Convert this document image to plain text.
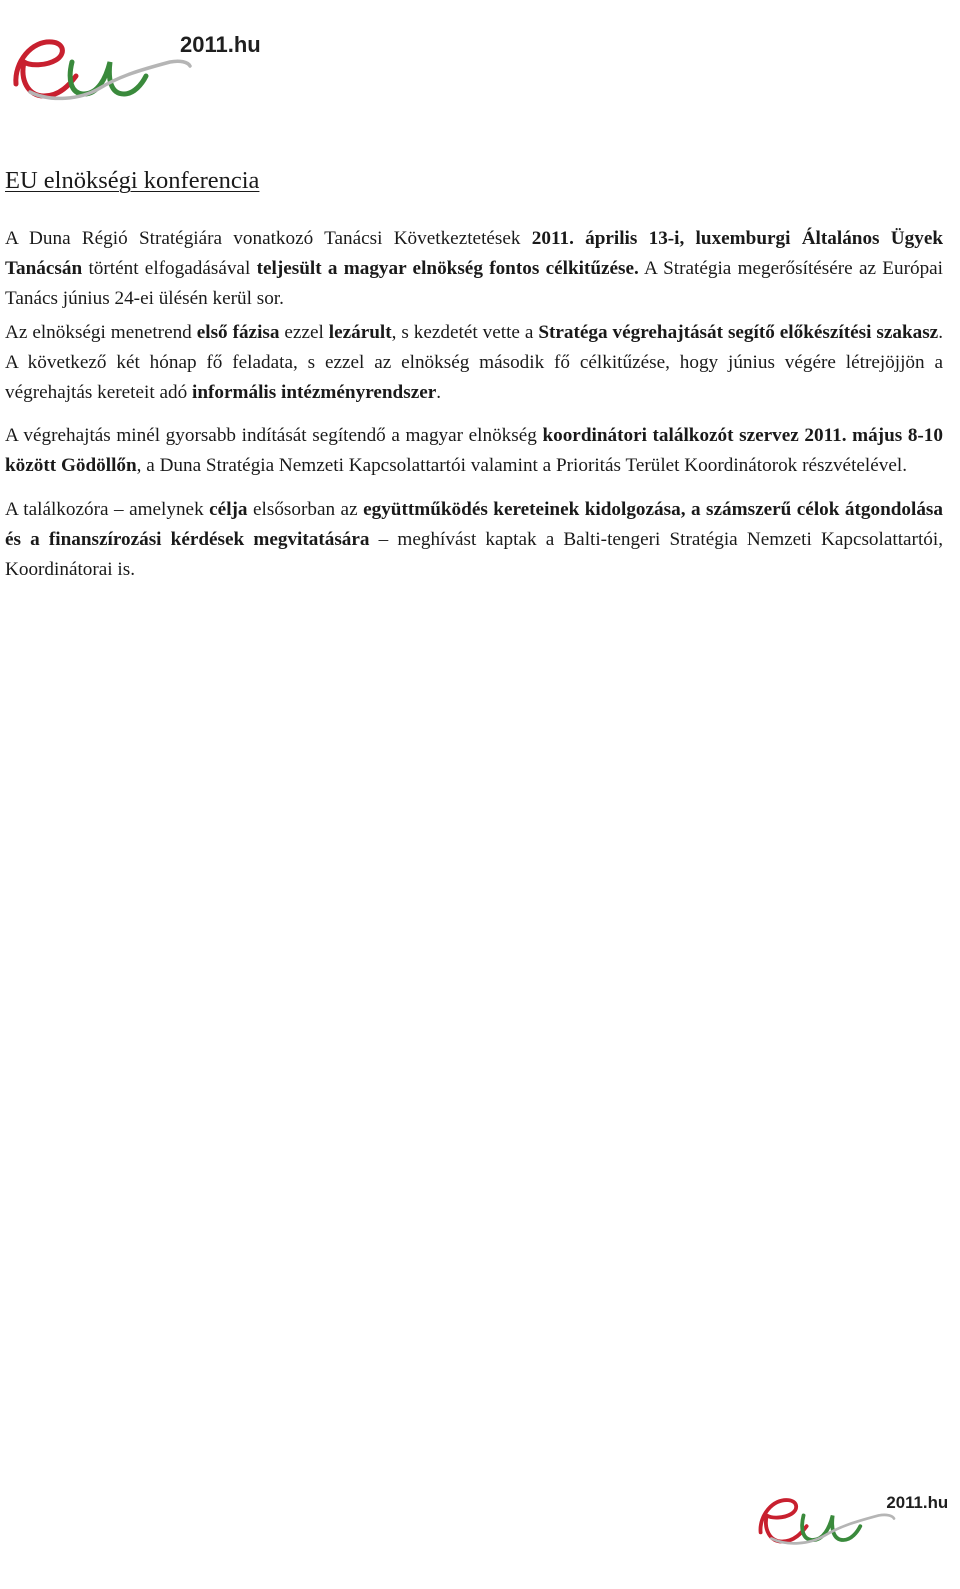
2011.hu
EU elnökségi konferencia

A Duna Régió Stratégiára vonatkozó Tanácsi Következtetések 2011. április 13-i, luxemburgi Általános Ügyek Tanácsán történt elfogadásával teljesült a magyar elnökség fontos célkitűzése. A Stratégia megerősítésére az Európai Tanács június 24-ei ülésén kerül sor.

Az elnökségi menetrend első fázisa ezzel lezárult, s kezdetét vette a Stratéga végrehajtását segítő előkészítési szakasz. A következő két hónap fő feladata, s ezzel az elnökség második fő célkitűzése, hogy június végére létrejöjjön a végrehajtás kereteit adó informális intézményrendszer.

A végrehajtás minél gyorsabb indítását segítendő a magyar elnökség koordinátori találkozót szervez 2011. május 8-10 között Gödöllőn, a Duna Stratégia Nemzeti Kapcsolattartói valamint a Prioritás Terület Koordinátorok részvételével.

A találkozóra – amelynek célja elsősorban az együttműködés kereteinek kidolgozása, a számszerű célok átgondolása és a finanszírozási kérdések megvitatására – meghívást kaptak a Balti-tengeri Stratégia Nemzeti Kapcsolattartói, Koordinátorai is.

2011.hu
